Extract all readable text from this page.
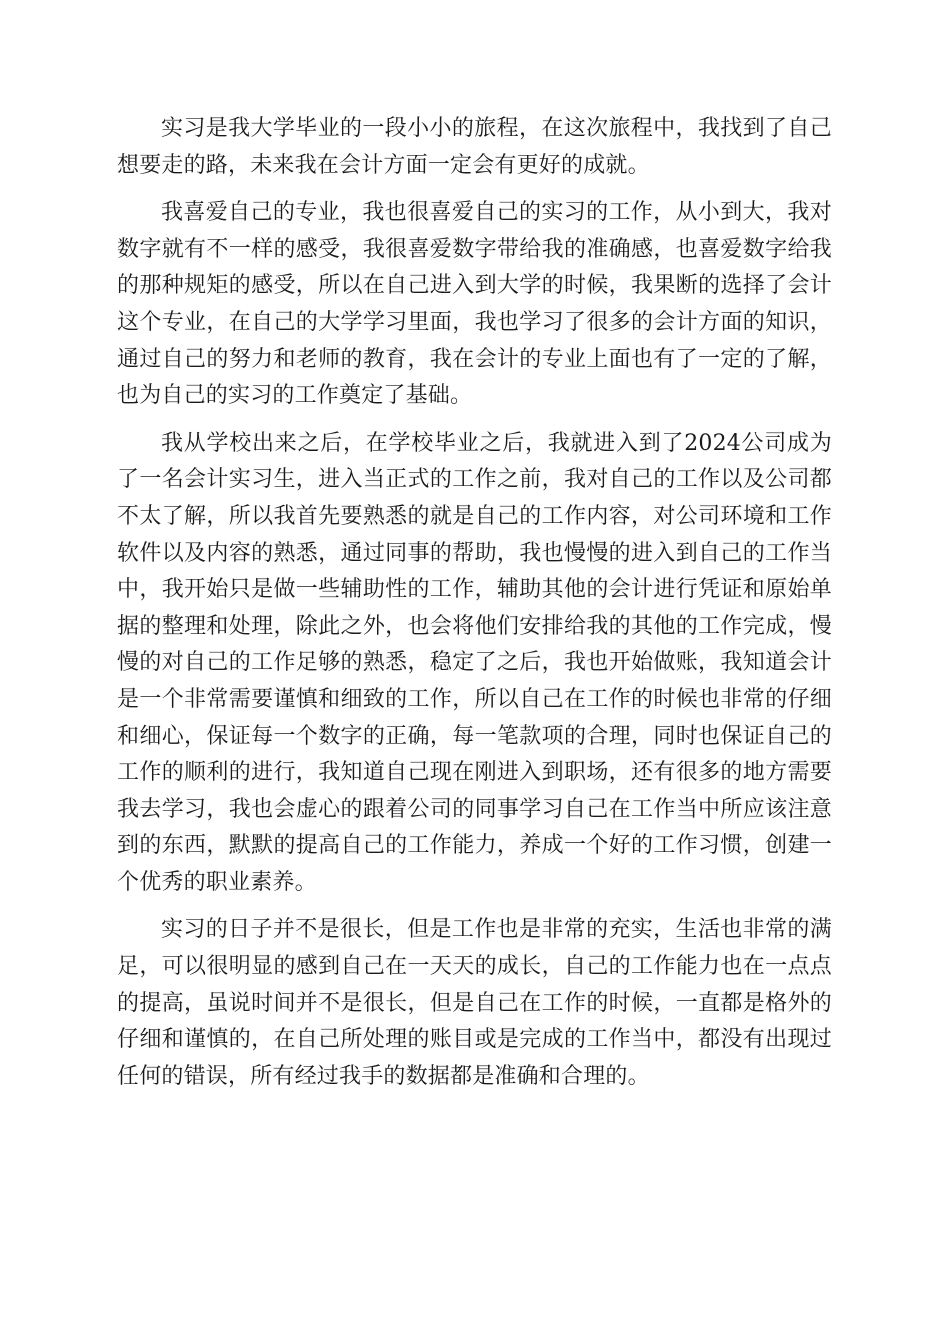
实习是我大学毕业的一段小小的旅程，在这次旅程中，我找到了自己想要走的路，未来我在会计方面一定会有更好的成就。

我喜爱自己的专业，我也很喜爱自己的实习的工作，从小到大，我对数字就有不一样的感受，我很喜爱数字带给我的准确感，也喜爱数字给我的那种规矩的感受，所以在自己进入到大学的时候，我果断的选择了会计这个专业，在自己的大学学习里面，我也学习了很多的会计方面的知识，通过自己的努力和老师的教育，我在会计的专业上面也有了一定的了解，也为自己的实习的工作奠定了基础。

我从学校出来之后，在学校毕业之后，我就进入到了2024公司成为了一名会计实习生，进入当正式的工作之前，我对自己的工作以及公司都不太了解，所以我首先要熟悉的就是自己的工作内容，对公司环境和工作软件以及内容的熟悉，通过同事的帮助，我也慢慢的进入到自己的工作当中，我开始只是做一些辅助性的工作，辅助其他的会计进行凭证和原始单据的整理和处理，除此之外，也会将他们安排给我的其他的工作完成，慢慢的对自己的工作足够的熟悉，稳定了之后，我也开始做账，我知道会计是一个非常需要谨慎和细致的工作，所以自己在工作的时候也非常的仔细和细心，保证每一个数字的正确，每一笔款项的合理，同时也保证自己的工作的顺利的进行，我知道自己现在刚进入到职场，还有很多的地方需要我去学习，我也会虚心的跟着公司的同事学习自己在工作当中所应该注意到的东西，默默的提高自己的工作能力，养成一个好的工作习惯，创建一个优秀的职业素养。

实习的日子并不是很长，但是工作也是非常的充实，生活也非常的满足，可以很明显的感到自己在一天天的成长，自己的工作能力也在一点点的提高，虽说时间并不是很长，但是自己在工作的时候，一直都是格外的仔细和谨慎的，在自己所处理的账目或是完成的工作当中，都没有出现过任何的错误，所有经过我手的数据都是准确和合理的。
